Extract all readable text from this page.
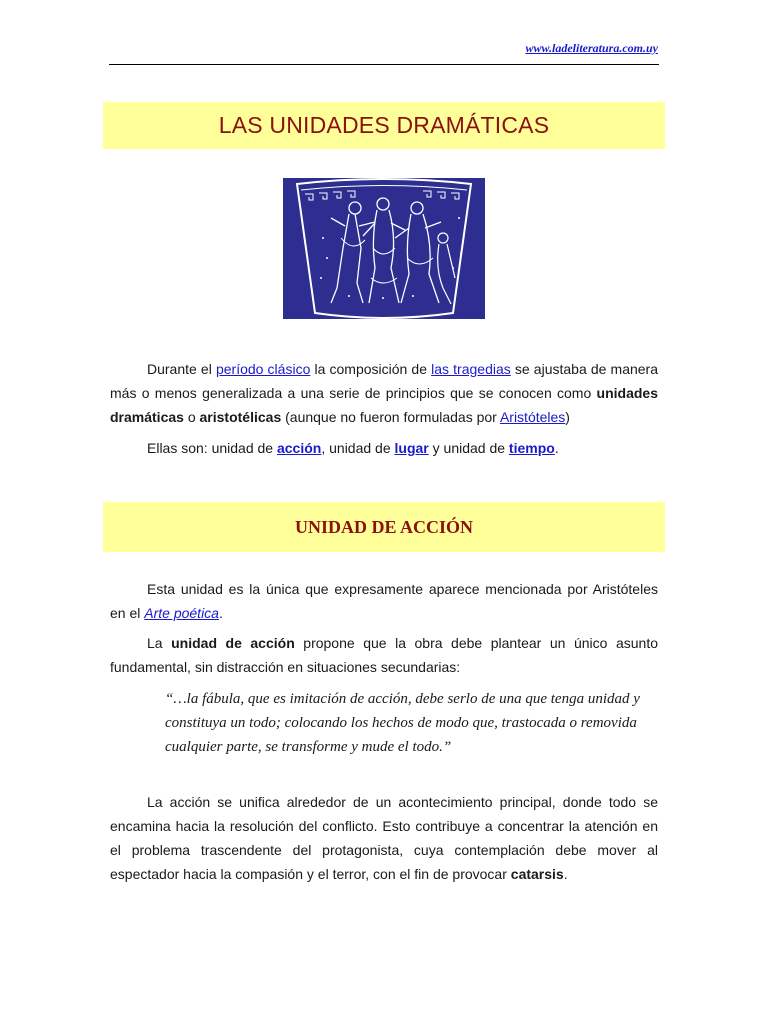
www.ladeliteratura.com.uy
LAS UNIDADES DRAMÁTICAS

Durante el período clásico la composición de las tragedias se ajustaba de manera más o menos generalizada a una serie de principios que se conocen como unidades dramáticas o aristotélicas (aunque no fueron formuladas por Aristóteles)

Ellas son: unidad de acción, unidad de lugar y unidad de tiempo.

UNIDAD DE ACCIÓN

Esta unidad es la única que expresamente aparece mencionada por Aristóteles en el Arte poética.

La unidad de acción propone que la obra debe plantear un único asunto fundamental, sin distracción en situaciones secundarias:

“…la fábula, que es imitación de acción, debe serlo de una que tenga unidad y constituya un todo; colocando los hechos de modo que, trastocada o removida cualquier parte, se transforme y mude el todo.”

La acción se unifica alrededor de un acontecimiento principal, donde todo se encamina hacia la resolución del conflicto. Esto contribuye a concentrar la atención en el problema trascendente del protagonista, cuya contemplación debe mover al espectador hacia la compasión y el terror, con el fin de provocar catarsis.
